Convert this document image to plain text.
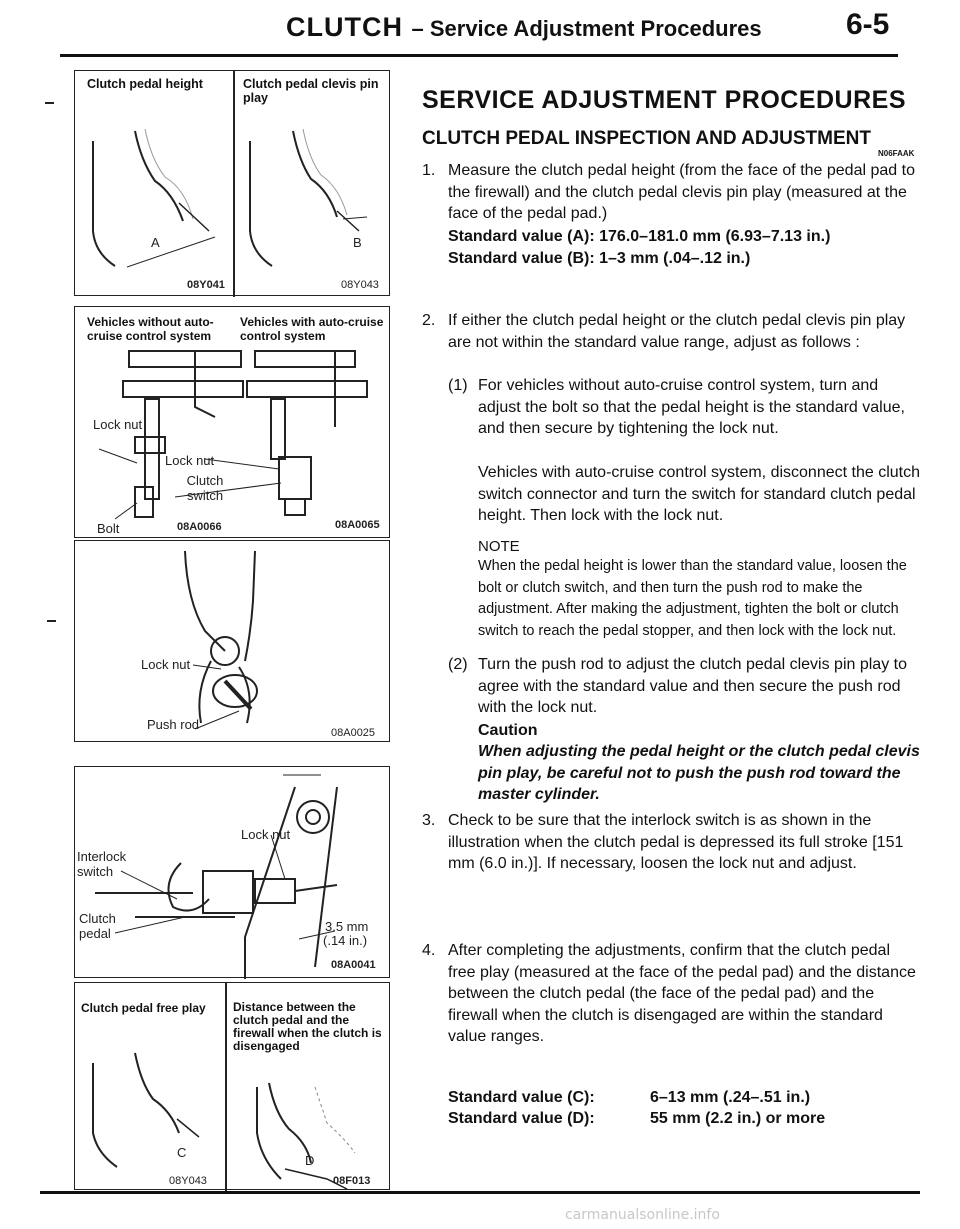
CLUTCH – Service Adjustment Procedures	6-5
Clutch pedal height	Clutch pedal clevis pin play
A	B
08Y041	08Y043
Vehicles without auto-cruise control system
Vehicles with auto-cruise control system
Lock nut
Lock nut
Clutch switch
Bolt	08A0066	08A0065
Lock nut
Push rod
08A0025
Lock nut
Interlock switch
Clutch pedal	3.5 mm
(.14 in.)
08A0041
Clutch pedal free play	Distance between the clutch pedal and the firewall when the clutch is disengaged
C
D
08Y043	08F013
SERVICE ADJUSTMENT PROCEDURES
CLUTCH PEDAL INSPECTION AND ADJUSTMENT
N06FAAK
1. Measure the clutch pedal height (from the face of the pedal pad to the firewall) and the clutch pedal clevis pin play (measured at the face of the pedal pad.)
Standard value (A): 176.0–181.0 mm (6.93–7.13 in.)
Standard value (B): 1–3 mm (.04–.12 in.)
2. If either the clutch pedal height or the clutch pedal clevis pin play are not within the standard value range, adjust as follows :
(1) For vehicles without auto-cruise control system, turn and adjust the bolt so that the pedal height is the standard value, and then secure by tightening the lock nut.
Vehicles with auto-cruise control system, disconnect the clutch switch connector and turn the switch for standard clutch pedal height. Then lock with the lock nut.
NOTE
When the pedal height is lower than the standard value, loosen the bolt or clutch switch, and then turn the push rod to make the adjustment. After making the adjustment, tighten the bolt or clutch switch to reach the pedal stopper, and then lock with the lock nut.
(2) Turn the push rod to adjust the clutch pedal clevis pin play to agree with the standard value and then secure the push rod with the lock nut.
Caution
When adjusting the pedal height or the clutch pedal clevis pin play, be careful not to push the push rod toward the master cylinder.
3. Check to be sure that the interlock switch is as shown in the illustration when the clutch pedal is depressed its full stroke [151 mm (6.0 in.)]. If necessary, loosen the lock nut and adjust.
4. After completing the adjustments, confirm that the clutch pedal free play (measured at the face of the pedal pad) and the distance between the clutch pedal (the face of the pedal pad) and the firewall when the clutch is disengaged are within the standard value ranges.
Standard value (C):	6–13 mm (.24–.51 in.)
Standard value (D):	55 mm (2.2 in.) or more
carmanualsonline.info
